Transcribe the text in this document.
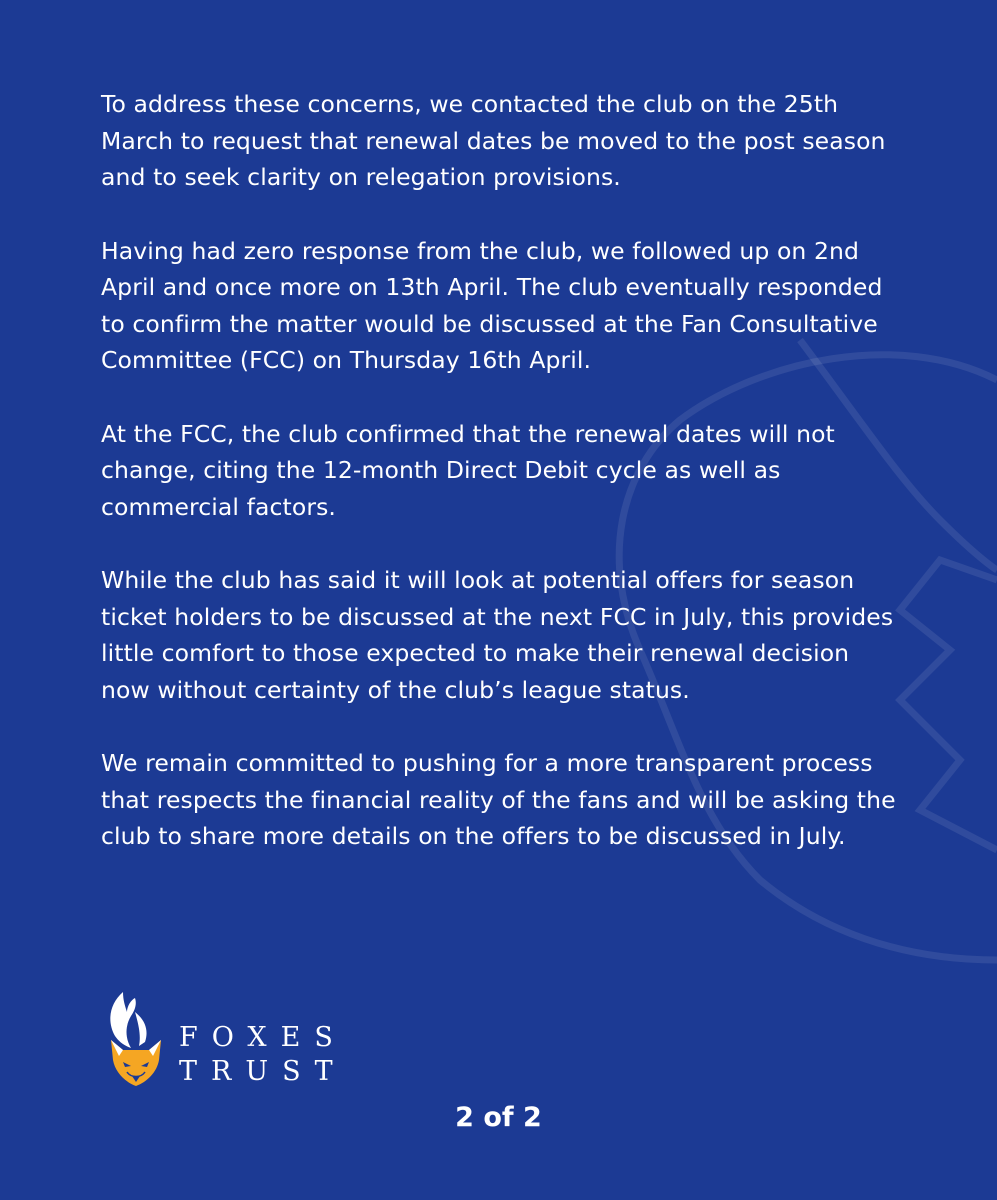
To address these concerns, we contacted the club on the 25th March to request that renewal dates be moved to the post season and to seek clarity on relegation provisions.

Having had zero response from the club, we followed up on 2nd April and once more on 13th April. The club eventually responded to confirm the matter would be discussed at the Fan Consultative Committee (FCC) on Thursday 16th April.

At the FCC, the club confirmed that the renewal dates will not change, citing the 12-month Direct Debit cycle as well as commercial factors.

While the club has said it will look at potential offers for season ticket holders to be discussed at the next FCC in July, this provides little comfort to those expected to make their renewal decision now without certainty of the club’s league status.

We remain committed to pushing for a more transparent process that respects the financial reality of the fans and will be asking the club to share more details on the offers to be discussed in July.

FOXES
TRUST
2 of 2
